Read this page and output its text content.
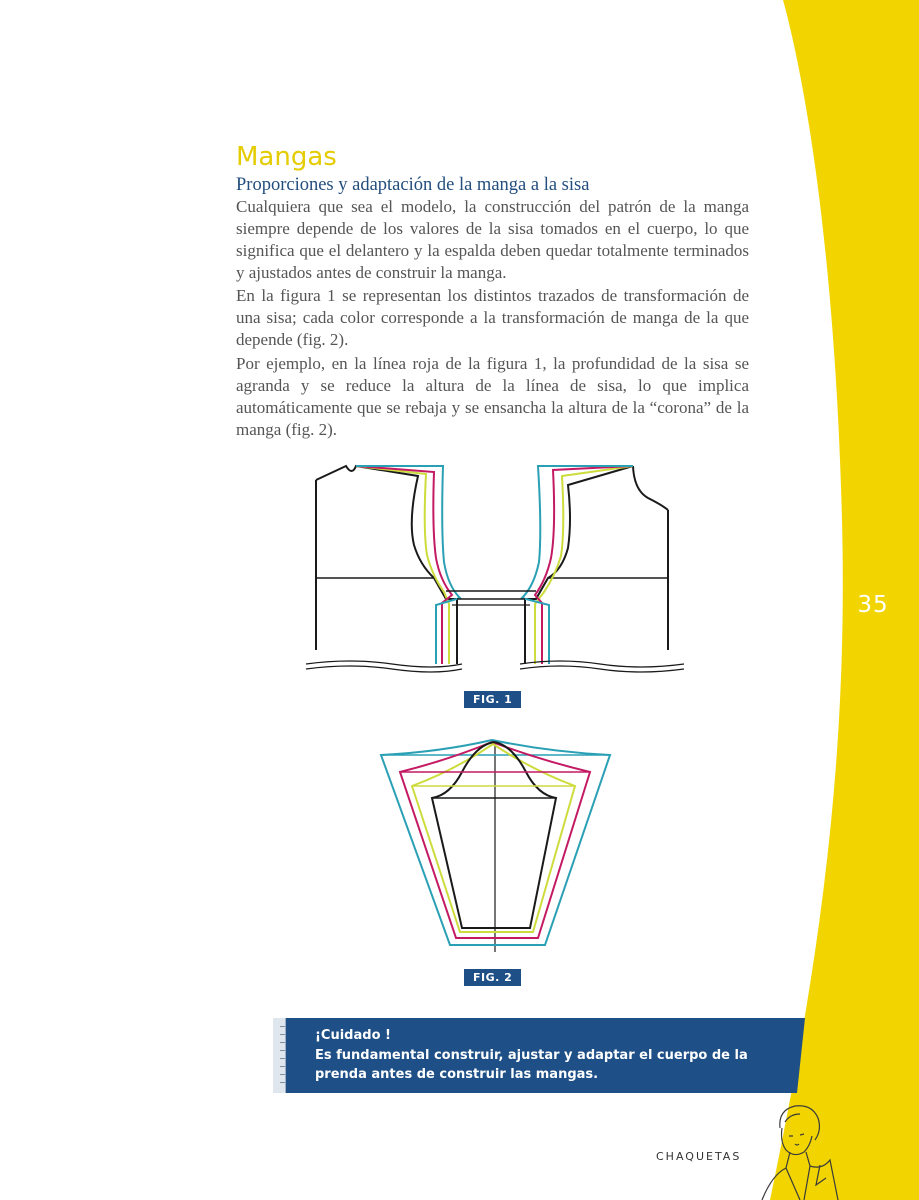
35
Mangas
Proporciones y adaptación de la manga a la sisa

Cualquiera que sea el modelo, la construcción del patrón de la manga siempre depende de los valores de la sisa tomados en el cuerpo, lo que significa que el delantero y la espalda deben quedar totalmente terminados y ajustados antes de construir la manga.

En la figura 1 se representan los distintos trazados de transformación de una sisa; cada color corresponde a la transformación de manga de la que depende (fig. 2).

Por ejemplo, en la línea roja de la figura 1, la profundidad de la sisa se agranda y se reduce la altura de la línea de sisa, lo que implica automáticamente que se rebaja y se ensancha la altura de la “corona” de la manga (fig. 2).

FIG. 1
FIG. 2

¡Cuidado !

Es fundamental construir, ajustar y adaptar el cuerpo de la prenda antes de construir las mangas.

CHAQUETAS
